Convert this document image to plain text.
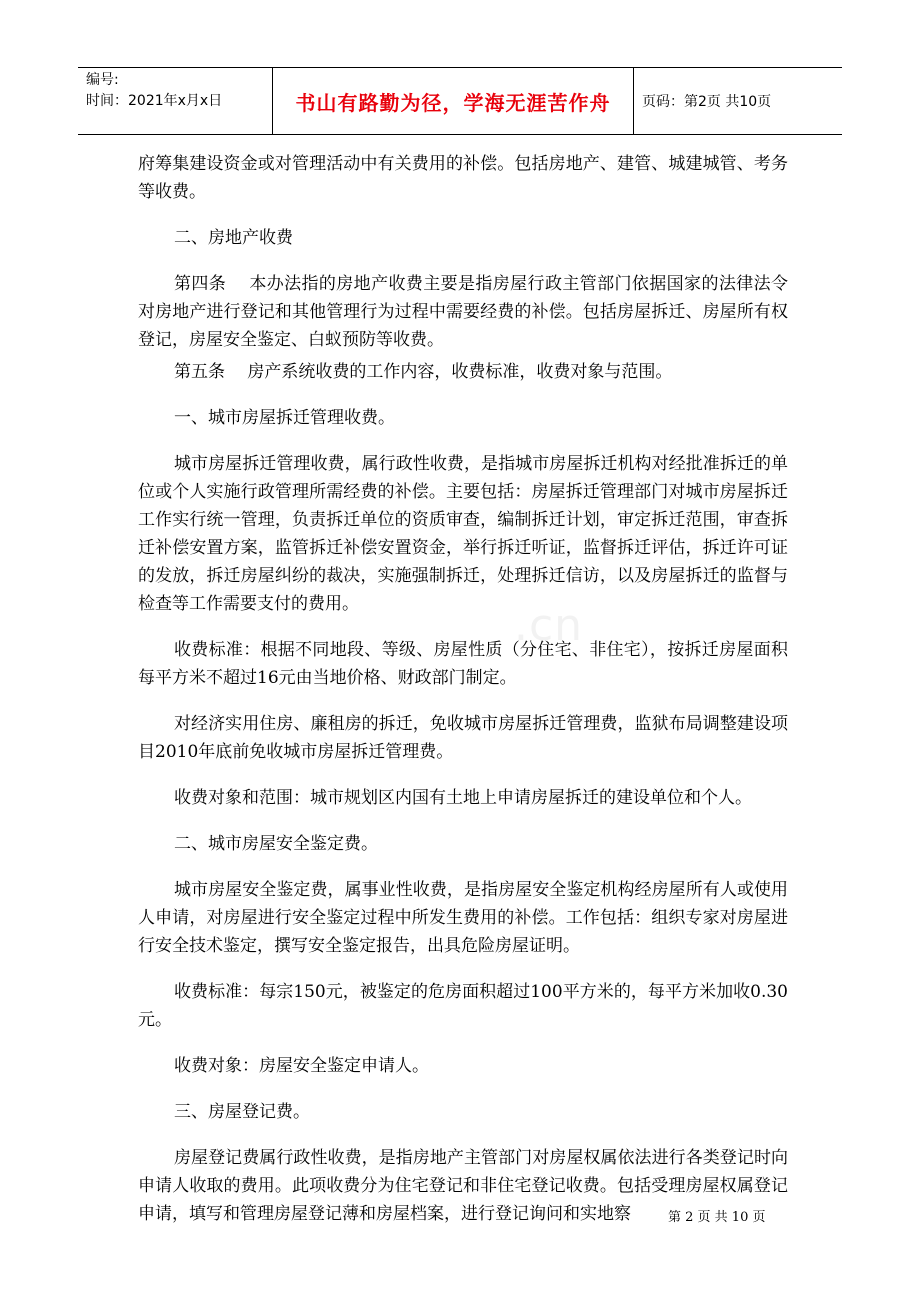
编号:
时间：2021年x月x日	书山有路勤为径，学海无涯苦作舟	页码：第2页 共10页
.cn

府筹集建设资金或对管理活动中有关费用的补偿。包括房地产、建管、城建城管、考务等收费。

二、房地产收费

第四条　 本办法指的房地产收费主要是指房屋行政主管部门依据国家的法律法令对房地产进行登记和其他管理行为过程中需要经费的补偿。包括房屋拆迁、房屋所有权登记，房屋安全鉴定、白蚁预防等收费。

第五条　 房产系统收费的工作内容，收费标准，收费对象与范围。

一、城市房屋拆迁管理收费。

城市房屋拆迁管理收费，属行政性收费，是指城市房屋拆迁机构对经批准拆迁的单位或个人实施行政管理所需经费的补偿。主要包括：房屋拆迁管理部门对城市房屋拆迁工作实行统一管理，负责拆迁单位的资质审查，编制拆迁计划，审定拆迁范围，审查拆迁补偿安置方案，监管拆迁补偿安置资金，举行拆迁听证，监督拆迁评估，拆迁许可证的发放，拆迁房屋纠纷的裁决，实施强制拆迁，处理拆迁信访，以及房屋拆迁的监督与检查等工作需要支付的费用。

收费标准：根据不同地段、等级、房屋性质（分住宅、非住宅），按拆迁房屋面积每平方米不超过16元由当地价格、财政部门制定。

对经济实用住房、廉租房的拆迁，免收城市房屋拆迁管理费，监狱布局调整建设项目2010年底前免收城市房屋拆迁管理费。

收费对象和范围：城市规划区内国有土地上申请房屋拆迁的建设单位和个人。

二、城市房屋安全鉴定费。

城市房屋安全鉴定费，属事业性收费，是指房屋安全鉴定机构经房屋所有人或使用人申请，对房屋进行安全鉴定过程中所发生费用的补偿。工作包括：组织专家对房屋进行安全技术鉴定，撰写安全鉴定报告，出具危险房屋证明。

收费标准：每宗150元，被鉴定的危房面积超过100平方米的，每平方米加收0.30元。

收费对象：房屋安全鉴定申请人。

三、房屋登记费。

房屋登记费属行政性收费，是指房地产主管部门对房屋权属依法进行各类登记时向申请人收取的费用。此项收费分为住宅登记和非住宅登记收费。包括受理房屋权属登记申请，填写和管理房屋登记薄和房屋档案，进行登记询问和实地察	第 2 页 共 10 页
